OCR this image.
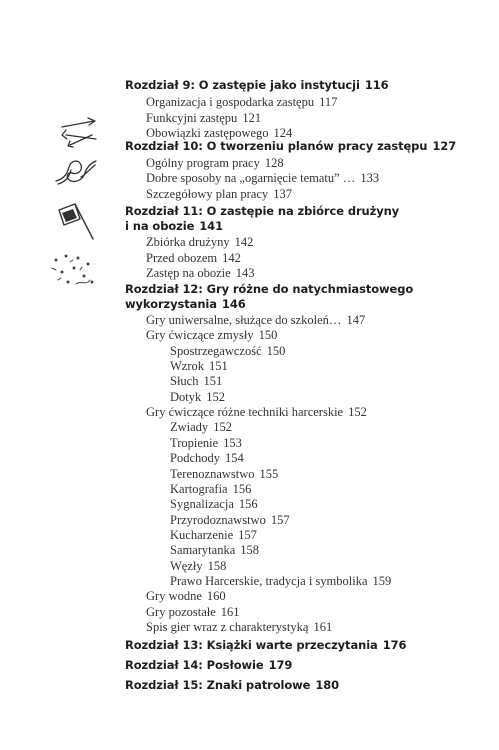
Rozdział 9: O zastępie jako instytucji 116
Organizacja i gospodarka zastępu 117
Funkcyjni zastępu 121
Obowiązki zastępowego 124
Rozdział 10: O tworzeniu planów pracy zastępu 127
Ogólny program pracy 128
Dobre sposoby na „ogarnięcie tematu” … 133
Szczegółowy plan pracy 137
Rozdział 11: O zastępie na zbiórce drużyny
i na obozie 141
Zbiórka drużyny 142
Przed obozem 142
Zastęp na obozie 143
Rozdział 12: Gry różne do natychmiastowego
wykorzystania 146
Gry uniwersalne, służące do szkoleń… 147
Gry ćwiczące zmysły 150
Spostrzegawczość 150
Wzrok 151
Słuch 151
Dotyk 152
Gry ćwiczące różne techniki harcerskie 152
Zwiady 152
Tropienie 153
Podchody 154
Terenoznawstwo 155
Kartografia 156
Sygnalizacja 156
Przyrodoznawstwo 157
Kucharzenie 157
Samarytanka 158
Węzły 158
Prawo Harcerskie, tradycja i symbolika 159
Gry wodne 160
Gry pozostałe 161
Spis gier wraz z charakterystyką 161
Rozdział 13: Książki warte przeczytania 176
Rozdział 14: Posłowie 179
Rozdział 15: Znaki patrolowe 180
